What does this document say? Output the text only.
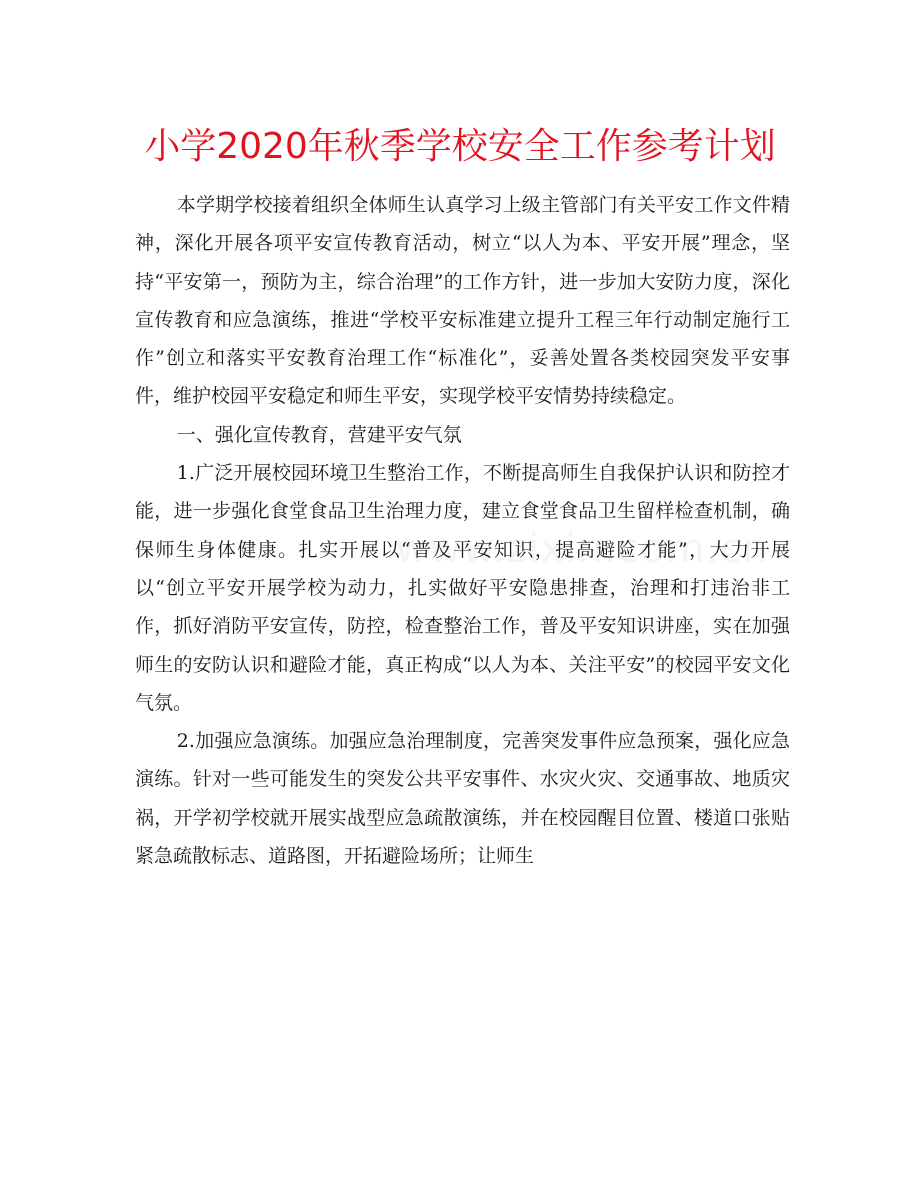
小学2020年秋季学校安全工作参考计划

本学期学校接着组织全体师生认真学习上级主管部门有关平安工作文件精神，深化开展各项平安宣传教育活动，树立“以人为本、平安开展”理念，坚持“平安第一，预防为主，综合治理”的工作方针，进一步加大安防力度，深化宣传教育和应急演练，推进“学校平安标准建立提升工程三年行动制定施行工作”创立和落实平安教育治理工作“标准化”，妥善处置各类校园突发平安事件，维护校园平安稳定和师生平安，实现学校平安情势持续稳定。

一、强化宣传教育，营建平安气氛

1.广泛开展校园环境卫生整治工作，不断提高师生自我保护认识和防控才能，进一步强化食堂食品卫生治理力度，建立食堂食品卫生留样检查机制，确保师生身体健康。扎实开展以“普及平安知识，提高避险才能”，大力开展以“创立平安开展学校为动力，扎实做好平安隐患排查，治理和打违治非工作，抓好消防平安宣传，防控，检查整治工作，普及平安知识讲座，实在加强师生的安防认识和避险才能，真正构成“以人为本、关注平安”的校园平安文化气氛。

2.加强应急演练。加强应急治理制度，完善突发事件应急预案，强化应急演练。针对一些可能发生的突发公共平安事件、水灾火灾、交通事故、地质灾祸，开学初学校就开展实战型应急疏散演练，并在校园醒目位置、楼道口张贴紧急疏散标志、道路图，开拓避险场所；让师生
